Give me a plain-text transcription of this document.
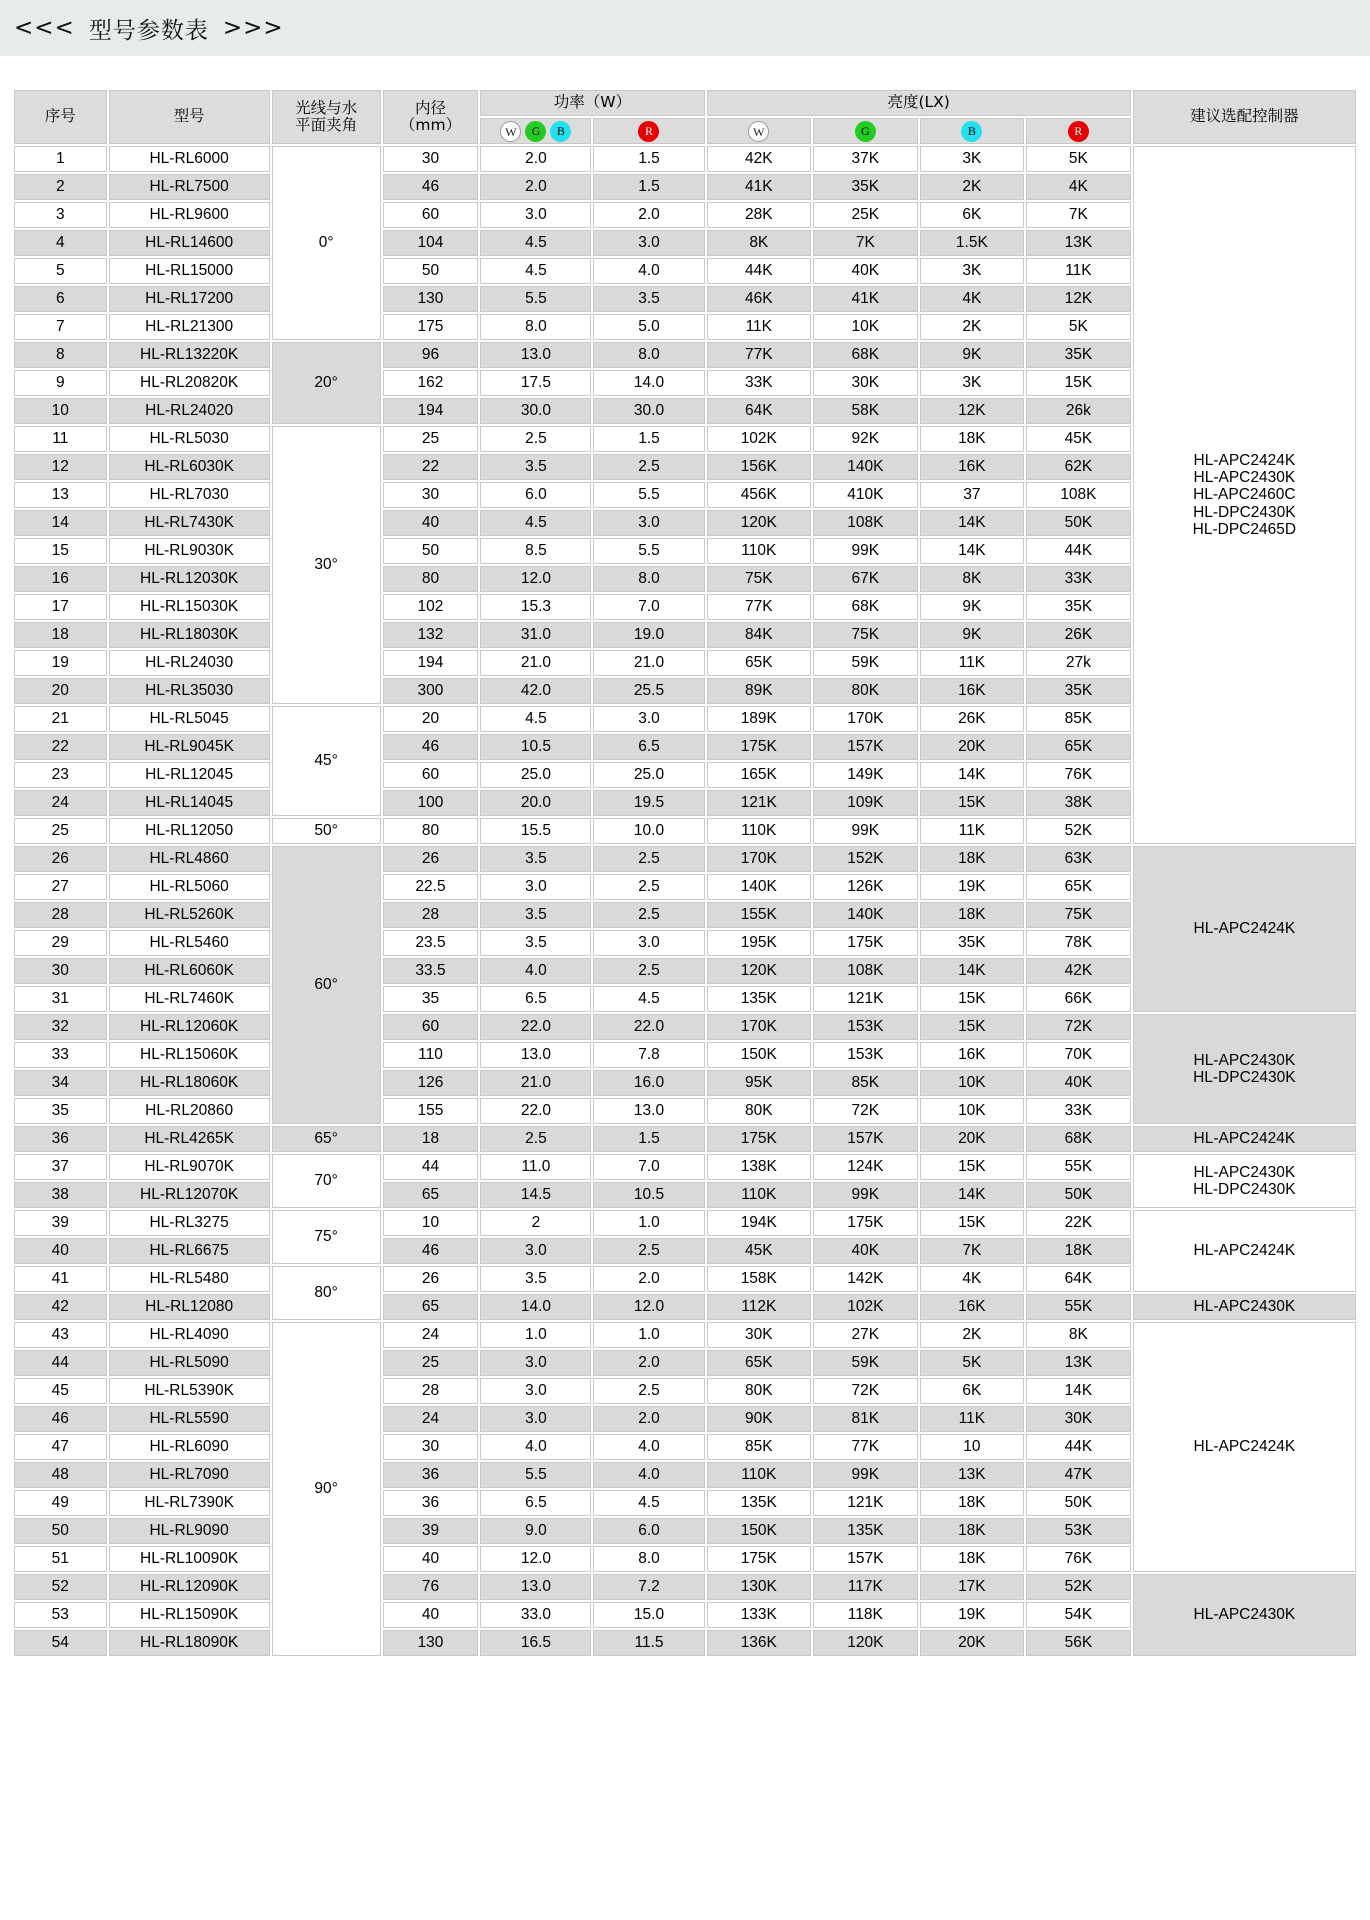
<<< 型号参数表 >>>
序号	型号	光线与水
平面夹角

内径
（mm）
	功率（W）	亮度(LX)	建议选配控制器
				W G B	R	W	G	B	R	
1	HL-RL6000	0°	30	2.0	1.5	42K	37K	3K	5K	HL-APC2424K
HL-APC2430K
HL-APC2460C
HL-DPC2430K
HL-DPC2465D

2	HL-RL7500		46	2.0	1.5	41K	35K	2K	4K	
3	HL-RL9600		60	3.0	2.0	28K	25K	6K	7K	
4	HL-RL14600		104	4.5	3.0	8K	7K	1.5K	13K	
5	HL-RL15000		50	4.5	4.0	44K	40K	3K	11K	
6	HL-RL17200		130	5.5	3.5	46K	41K	4K	12K	
7	HL-RL21300		175	8.0	5.0	11K	10K	2K	5K	
8	HL-RL13220K	20°	96	13.0	8.0	77K	68K	9K	35K	
9	HL-RL20820K		162	17.5	14.0	33K	30K	3K	15K	
10	HL-RL24020		194	30.0	30.0	64K	58K	12K	26k	
11	HL-RL5030	30°	25	2.5	1.5	102K	92K	18K	45K	
12	HL-RL6030K		22	3.5	2.5	156K	140K	16K	62K	
13	HL-RL7030		30	6.0	5.5	456K	410K	37	108K	
14	HL-RL7430K		40	4.5	3.0	120K	108K	14K	50K	
15	HL-RL9030K		50	8.5	5.5	110K	99K	14K	44K	
16	HL-RL12030K		80	12.0	8.0	75K	67K	8K	33K	
17	HL-RL15030K		102	15.3	7.0	77K	68K	9K	35K	
18	HL-RL18030K		132	31.0	19.0	84K	75K	9K	26K	
19	HL-RL24030		194	21.0	21.0	65K	59K	11K	27k	
20	HL-RL35030		300	42.0	25.5	89K	80K	16K	35K	
21	HL-RL5045	45°	20	4.5	3.0	189K	170K	26K	85K	
22	HL-RL9045K		46	10.5	6.5	175K	157K	20K	65K	
23	HL-RL12045		60	25.0	25.0	165K	149K	14K	76K	
24	HL-RL14045		100	20.0	19.5	121K	109K	15K	38K	
25	HL-RL12050	50°	80	15.5	10.0	110K	99K	11K	52K	
26	HL-RL4860	60°	26	3.5	2.5	170K	152K	18K	63K	HL-APC2424K

27	HL-RL5060		22.5	3.0	2.5	140K	126K	19K	65K	
28	HL-RL5260K		28	3.5	2.5	155K	140K	18K	75K	
29	HL-RL5460		23.5	3.5	3.0	195K	175K	35K	78K	
30	HL-RL6060K		33.5	4.0	2.5	120K	108K	14K	42K	
31	HL-RL7460K		35	6.5	4.5	135K	121K	15K	66K	
32	HL-RL12060K		60	22.0	22.0	170K	153K	15K	72K	HL-APC2430K
HL-DPC2430K

33	HL-RL15060K		110	13.0	7.8	150K	153K	16K	70K	
34	HL-RL18060K		126	21.0	16.0	95K	85K	10K	40K	
35	HL-RL20860		155	22.0	13.0	80K	72K	10K	33K	
36	HL-RL4265K	65°	18	2.5	1.5	175K	157K	20K	68K	HL-APC2424K

37	HL-RL9070K	70°	44	11.0	7.0	138K	124K	15K	55K	HL-APC2430K
HL-DPC2430K

38	HL-RL12070K		65	14.5	10.5	110K	99K	14K	50K	
39	HL-RL3275	75°	10	2	1.0	194K	175K	15K	22K	HL-APC2424K

40	HL-RL6675		46	3.0	2.5	45K	40K	7K	18K	
41	HL-RL5480	80°	26	3.5	2.0	158K	142K	4K	64K	
42	HL-RL12080		65	14.0	12.0	112K	102K	16K	55K	HL-APC2430K

43	HL-RL4090	90°	24	1.0	1.0	30K	27K	2K	8K	HL-APC2424K

44	HL-RL5090		25	3.0	2.0	65K	59K	5K	13K	
45	HL-RL5390K		28	3.0	2.5	80K	72K	6K	14K	
46	HL-RL5590		24	3.0	2.0	90K	81K	11K	30K	
47	HL-RL6090		30	4.0	4.0	85K	77K	10	44K	
48	HL-RL7090		36	5.5	4.0	110K	99K	13K	47K	
49	HL-RL7390K		36	6.5	4.5	135K	121K	18K	50K	
50	HL-RL9090		39	9.0	6.0	150K	135K	18K	53K	
51	HL-RL10090K		40	12.0	8.0	175K	157K	18K	76K	
52	HL-RL12090K		76	13.0	7.2	130K	117K	17K	52K	HL-APC2430K

53	HL-RL15090K		40	33.0	15.0	133K	118K	19K	54K	
54	HL-RL18090K		130	16.5	11.5	136K	120K	20K	56K	
